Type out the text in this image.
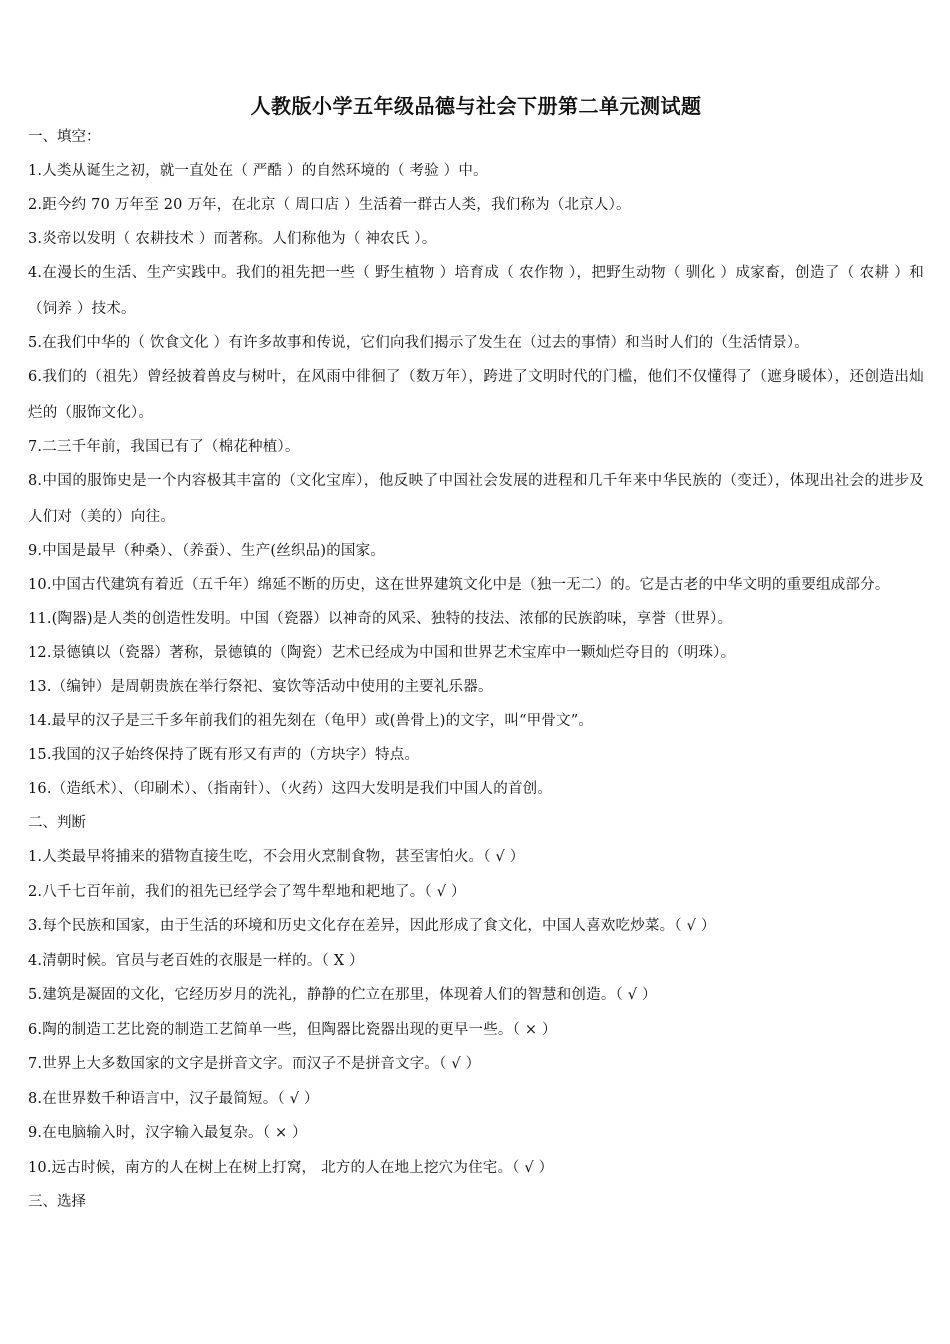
人教版小学五年级品德与社会下册第二单元测试题

一、填空：

1.人类从诞生之初，就一直处在（ 严酷 ）的自然环境的（ 考验 ）中。

2.距今约 70 万年至 20 万年，在北京（ 周口店 ）生活着一群古人类，我们称为（北京人）。

3.炎帝以发明（ 农耕技术 ）而著称。人们称他为（ 神农氏 ）。

4.在漫长的生活、生产实践中。我们的祖先把一些（ 野生植物 ）培育成（ 农作物 ），把野生动物（ 驯化 ）成家畜，创造了（ 农耕 ）和（饲养 ）技术。

5.在我们中华的（ 饮食文化 ）有许多故事和传说，它们向我们揭示了发生在（过去的事情）和当时人们的（生活情景）。

6.我们的（祖先）曾经披着兽皮与树叶，在风雨中徘徊了（数万年），跨进了文明时代的门槛，他们不仅懂得了（遮身暖体），还创造出灿烂的（服饰文化）。

7.二三千年前，我国已有了（棉花种植）。

8.中国的服饰史是一个内容极其丰富的（文化宝库），他反映了中国社会发展的进程和几千年来中华民族的（变迁），体现出社会的进步及人们对（美的）向往。

9.中国是最早（种桑）、（养蚕）、生产(丝织品)的国家。

10.中国古代建筑有着近（五千年）绵延不断的历史，这在世界建筑文化中是（独一无二）的。它是古老的中华文明的重要组成部分。

11.(陶器)是人类的创造性发明。中国（瓷器）以神奇的风采、独特的技法、浓郁的民族韵味，享誉（世界）。

12.景德镇以（瓷器）著称，景德镇的（陶瓷）艺术已经成为中国和世界艺术宝库中一颗灿烂夺目的（明珠）。

13.（编钟）是周朝贵族在举行祭祀、宴饮等活动中使用的主要礼乐器。

14.最早的汉子是三千多年前我们的祖先刻在（龟甲）或(兽骨上)的文字，叫“甲骨文”。

15.我国的汉子始终保持了既有形又有声的（方块字）特点。

16.（造纸术）、（印刷术）、（指南针）、（火药）这四大发明是我们中国人的首创。

二、判断

1.人类最早将捕来的猎物直接生吃，不会用火烹制食物，甚至害怕火。（ √ ）

2.八千七百年前，我们的祖先已经学会了驾牛犁地和耙地了。（ √ ）

3.每个民族和国家，由于生活的环境和历史文化存在差异，因此形成了食文化，中国人喜欢吃炒菜。（ √ ）

4.清朝时候。官员与老百姓的衣服是一样的。（ X ）

5.建筑是凝固的文化，它经历岁月的洗礼，静静的伫立在那里，体现着人们的智慧和创造。（ √ ）

6.陶的制造工艺比瓷的制造工艺简单一些，但陶器比瓷器出现的更早一些。（ × ）

7.世界上大多数国家的文字是拼音文字。而汉子不是拼音文字。（ √ ）

8.在世界数千种语言中，汉子最简短。（ √ ）

9.在电脑输入时，汉字输入最复杂。（ × ）

10.远古时候，南方的人在树上在树上打窝， 北方的人在地上挖穴为住宅。（ √ ）

三、选择
